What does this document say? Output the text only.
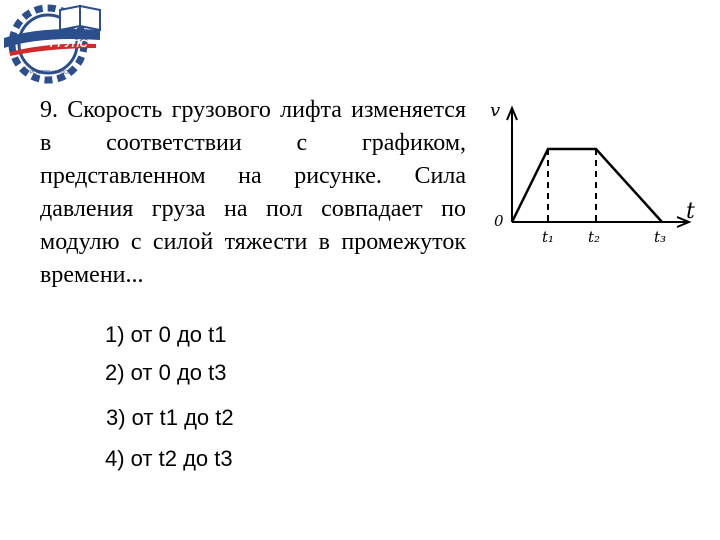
РГУПС
РОСТОВ-НА-ДОНУ

9. Скорость грузового лифта изменяется в соответствии с графиком, представленном на рисунке. Сила давления груза на пол совпадает по модулю с силой тяжести в промежуток времени...

1) от 0 до t1
2) от 0 до t3
3) от t1 до t2
4) от t2 до t3
v
t
0
t₁ t₂	t₃
